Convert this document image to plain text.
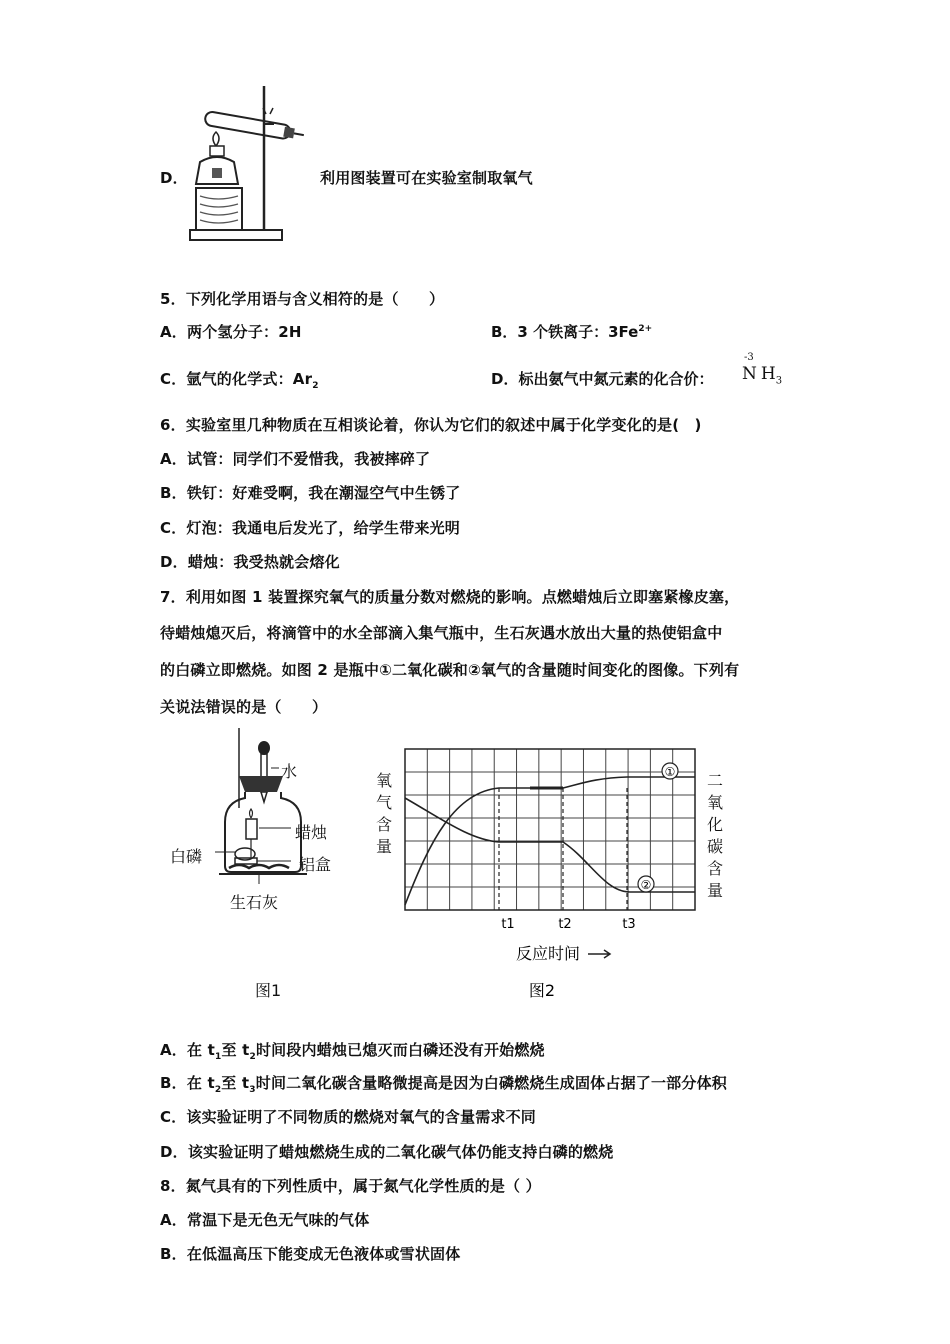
D．	利用图装置可在实验室制取氧气
5．下列化学用语与含义相符的是（　　）
A．两个氢分子：2H	B．3 个铁离子：$3Fe^{2+}$
C．氩气的化学式：$Ar_2$	D．标出氨气中氮元素的化合价：
-3
N $H_3$
6．实验室里几种物质在互相谈论着，你认为它们的叙述中属于化学变化的是(　)
A．试管：同学们不爱惜我，我被摔碎了
B．铁钉：好难受啊，我在潮湿空气中生锈了
C．灯泡：我通电后发光了，给学生带来光明
D．蜡烛：我受热就会熔化
7．利用如图 1 装置探究氧气的质量分数对燃烧的影响。点燃蜡烛后立即塞紧橡皮塞，
待蜡烛熄灭后，将滴管中的水全部滴入集气瓶中，生石灰遇水放出大量的热使铝盒中
的白磷立即燃烧。如图 2 是瓶中①二氧化碳和②氧气的含量随时间变化的图像。下列有
关说法错误的是（　　）
水
蜡烛
白磷	铝盒
生石灰
图1
①
②
t1	t2	t3
反应时间
图2
氧气含量
二氧化碳含量
A．在 $t_1$至 $t_2$时间段内蜡烛已熄灭而白磷还没有开始燃烧
B．在 $t_2$至 $t_3$时间二氧化碳含量略微提高是因为白磷燃烧生成固体占据了一部分体积
C．该实验证明了不同物质的燃烧对氧气的含量需求不同
D．该实验证明了蜡烛燃烧生成的二氧化碳气体仍能支持白磷的燃烧
8．氮气具有的下列性质中，属于氮气化学性质的是（ ）
A．常温下是无色无气味的气体
B．在低温高压下能变成无色液体或雪状固体
